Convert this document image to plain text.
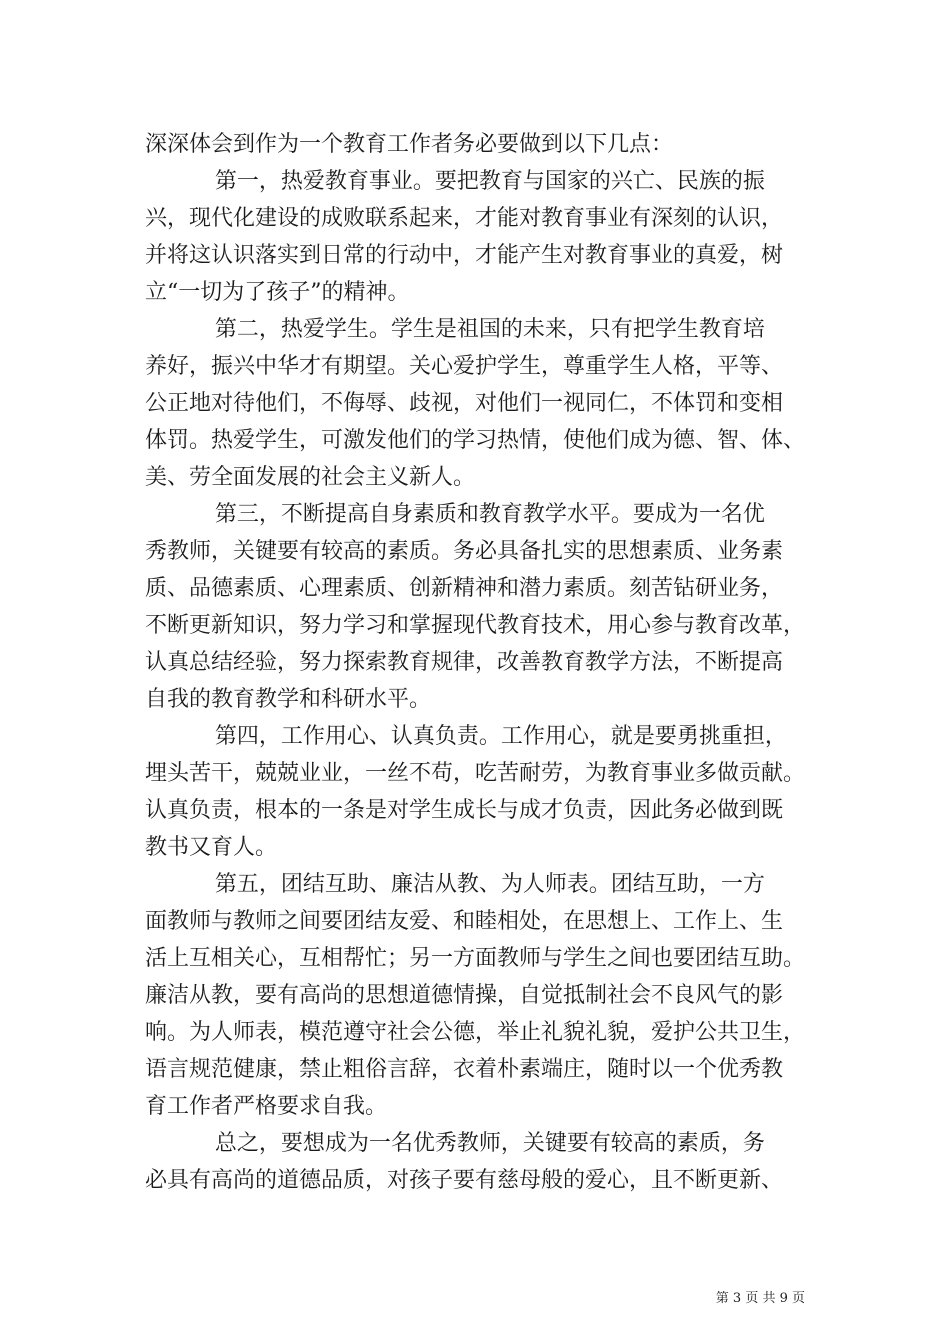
深深体会到作为一个教育工作者务必要做到以下几点：
第一，热爱教育事业。要把教育与国家的兴亡、民族的振
兴，现代化建设的成败联系起来，才能对教育事业有深刻的认识，
并将这认识落实到日常的行动中，才能产生对教育事业的真爱，树
立“一切为了孩子”的精神。
第二，热爱学生。学生是祖国的未来，只有把学生教育培
养好，振兴中华才有期望。关心爱护学生，尊重学生人格，平等、
公正地对待他们，不侮辱、歧视，对他们一视同仁，不体罚和变相
体罚。热爱学生，可激发他们的学习热情，使他们成为德、智、体、
美、劳全面发展的社会主义新人。
第三，不断提高自身素质和教育教学水平。要成为一名优
秀教师，关键要有较高的素质。务必具备扎实的思想素质、业务素
质、品德素质、心理素质、创新精神和潜力素质。刻苦钻研业务，
不断更新知识，努力学习和掌握现代教育技术，用心参与教育改革，
认真总结经验，努力探索教育规律，改善教育教学方法，不断提高
自我的教育教学和科研水平。
第四，工作用心、认真负责。工作用心，就是要勇挑重担，
埋头苦干，兢兢业业，一丝不苟，吃苦耐劳，为教育事业多做贡献。
认真负责，根本的一条是对学生成长与成才负责，因此务必做到既
教书又育人。
第五，团结互助、廉洁从教、为人师表。团结互助，一方
面教师与教师之间要团结友爱、和睦相处，在思想上、工作上、生
活上互相关心，互相帮忙；另一方面教师与学生之间也要团结互助。
廉洁从教，要有高尚的思想道德情操，自觉抵制社会不良风气的影
响。为人师表，模范遵守社会公德，举止礼貌礼貌，爱护公共卫生，
语言规范健康，禁止粗俗言辞，衣着朴素端庄，随时以一个优秀教
育工作者严格要求自我。
总之，要想成为一名优秀教师，关键要有较高的素质，务
必具有高尚的道德品质，对孩子要有慈母般的爱心，且不断更新、
第 3 页 共 9 页
